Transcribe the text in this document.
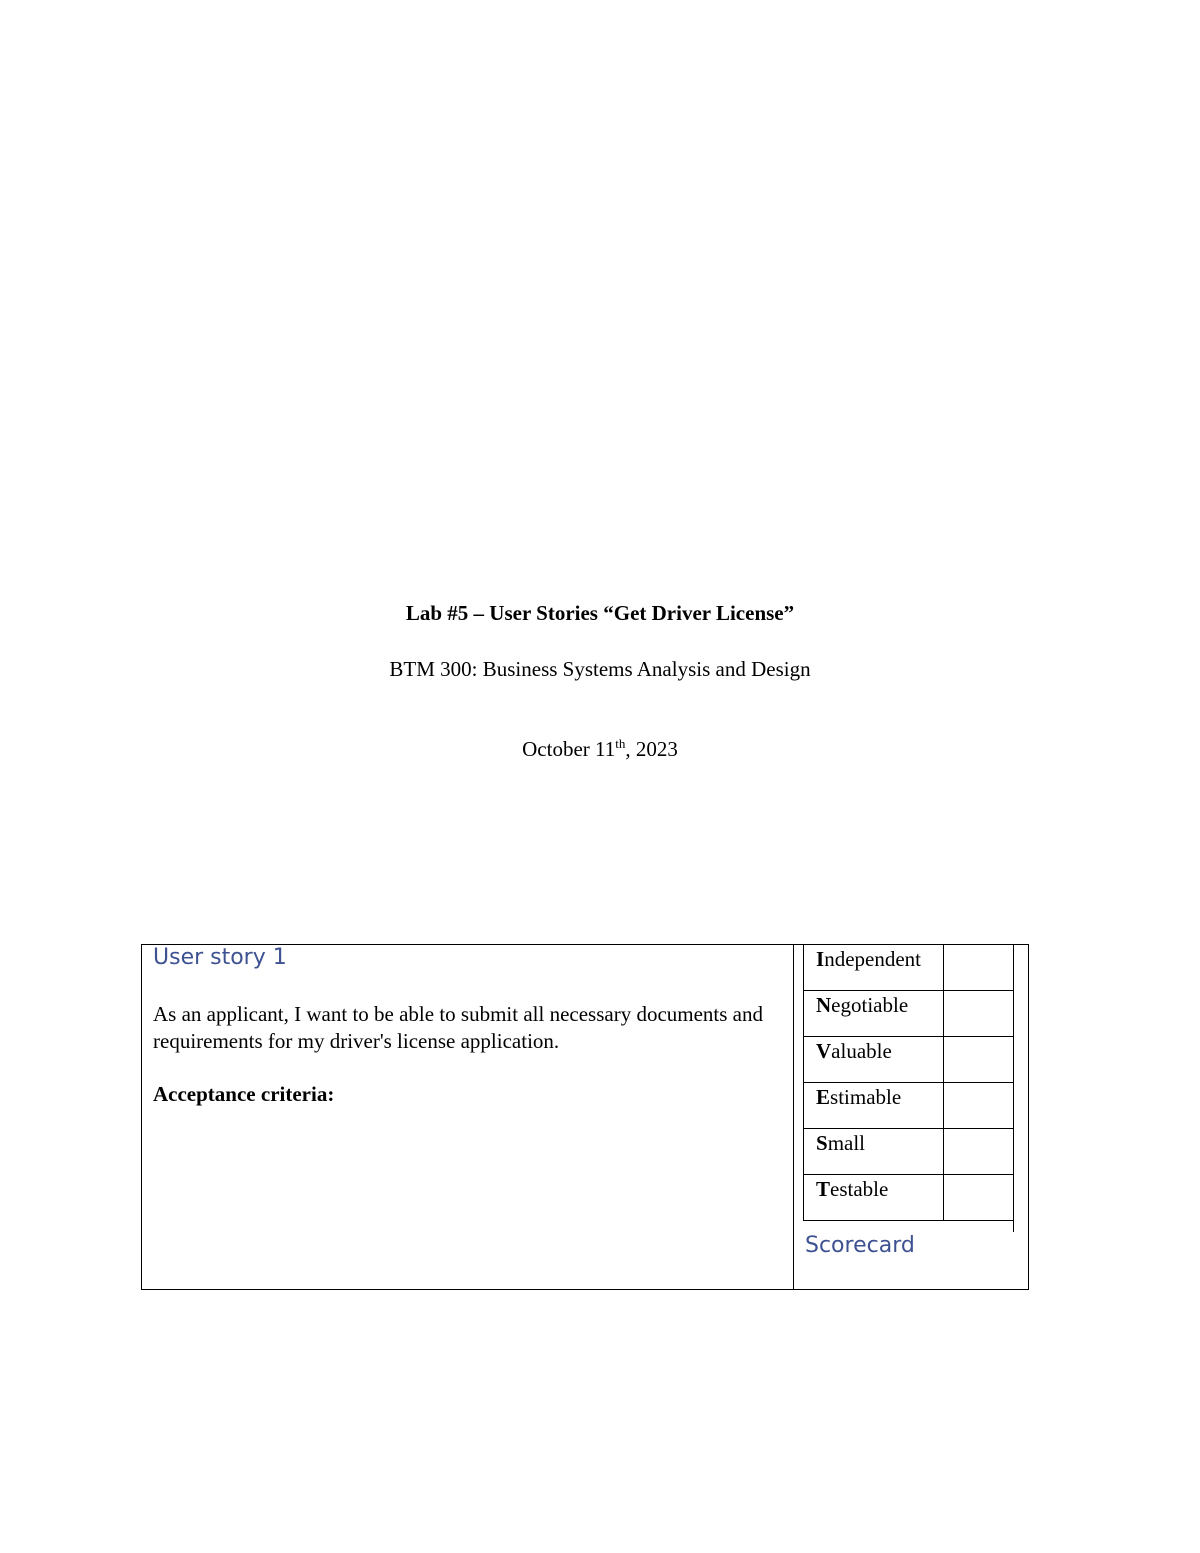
Lab #5 – User Stories “Get Driver License”
BTM 300: Business Systems Analysis and Design
October 11th, 2023
User story 1
As an applicant, I want to be able to submit all necessary documents and requirements for my driver's license application.
Acceptance criteria:
Independent	
Negotiable	
Valuable	
Estimable	
Small	
Testable	
Scorecard
